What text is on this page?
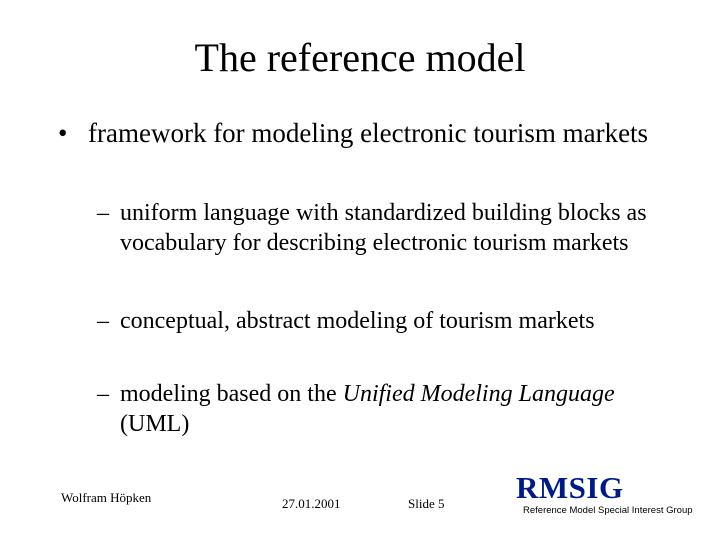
The reference model
• framework for modeling electronic tourism markets
– uniform language with standardized building blocks as vocabulary for describing electronic tourism markets
– conceptual, abstract modeling of tourism markets
– modeling based on the Unified Modeling Language (UML)
Wolfram Höpken	27.01.2001	Slide 5 RMSIG
Reference Model Special Interest Group
